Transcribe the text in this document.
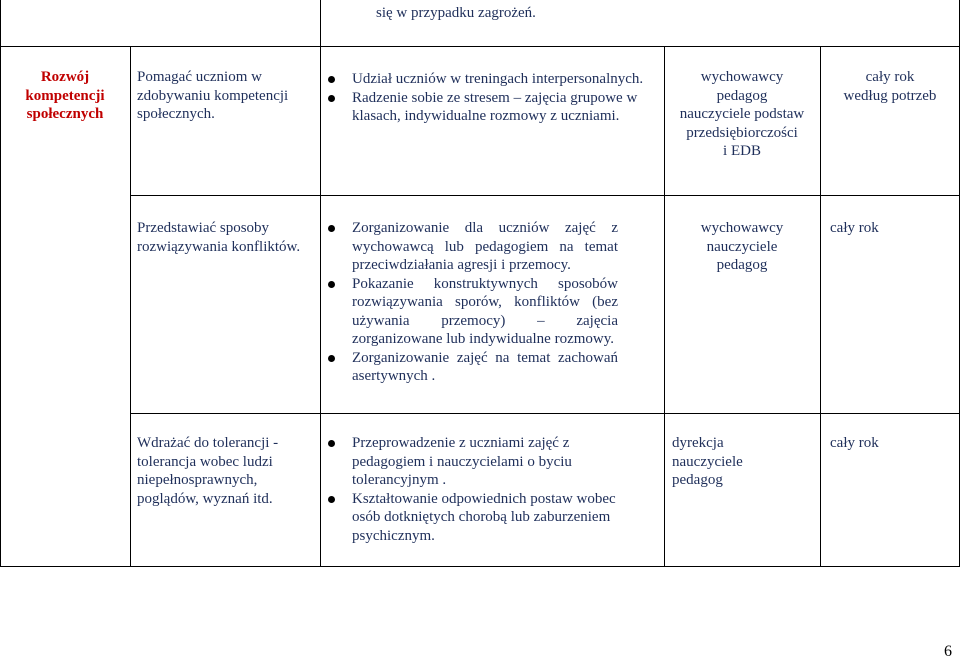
się w przypadku zagrożeń.
Rozwój kompetencji społecznych
Pomagać uczniom w zdobywaniu kompetencji społecznych.
Udział uczniów w treningach interpersonalnych.
Radzenie sobie ze stresem – zajęcia grupowe w klasach, indywidualne rozmowy z uczniami.
wychowawcy
pedagog
nauczyciele podstaw
przedsiębiorczości
i EDB
cały rok
według potrzeb
Przedstawiać sposoby rozwiązywania konfliktów.
Zorganizowanie dla uczniów zajęć z wychowawcą lub pedagogiem na temat przeciwdziałania agresji i przemocy.
Pokazanie konstruktywnych sposobów rozwiązywania sporów, konfliktów (bez używania przemocy) – zajęcia zorganizowane lub indywidualne rozmowy.
Zorganizowanie zajęć na temat zachowań asertywnych .
wychowawcy
nauczyciele
pedagog
cały rok
Wdrażać do tolerancji - tolerancja wobec ludzi niepełnosprawnych, poglądów, wyznań itd.
Przeprowadzenie z uczniami zajęć z pedagogiem i nauczycielami o byciu tolerancyjnym .
Kształtowanie odpowiednich postaw wobec osób dotkniętych chorobą lub zaburzeniem psychicznym.
dyrekcja
nauczyciele
pedagog
cały rok
6
